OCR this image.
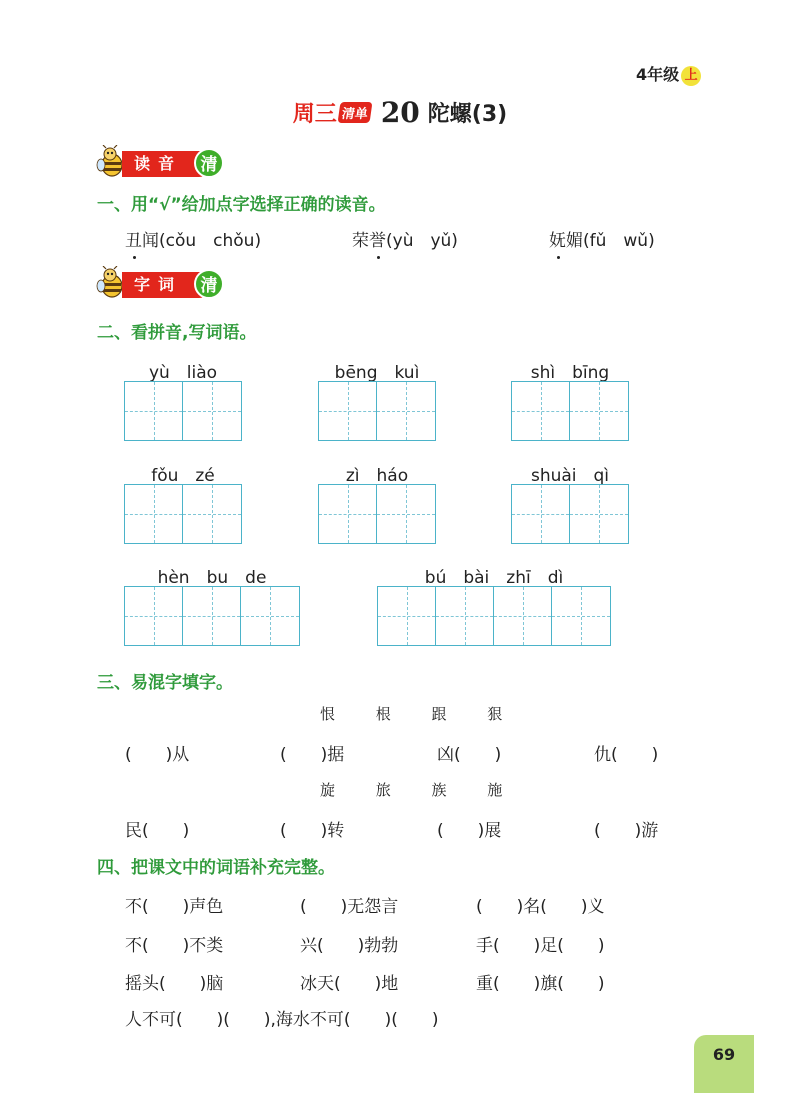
4年级 上
周三 清单 20 陀螺(3)
读音	清
一、用“√”给加点字选择正确的读音。
丑闻(cǒu　chǒu)	荣誉(yù　yǔ)	妩媚(fǔ　wǔ)
字词	清
二、看拼音,写词语。
yù　liào	bēng　kuì	shì　bīng
fǒu　zé	zì　háo	shuài　qì
hèn　bu　de	bú　bài　zhī　dì
三、易混字填字。
恨 根 跟 狠
(　　)从	(　　)据	凶(　　)	仇(　　)
旋 旅 族 施
民(　　)	(　　)转	(　　)展	(　　)游
四、把课文中的词语补充完整。
不(　　)声色	(　　)无怨言	(　　)名(　　)义
不(　　)不类	兴(　　)勃勃	手(　　)足(　　)
摇头(　　)脑	冰天(　　)地	重(　　)旗(　　)
人不可(　　)(　　),海水不可(　　)(　　)
69
